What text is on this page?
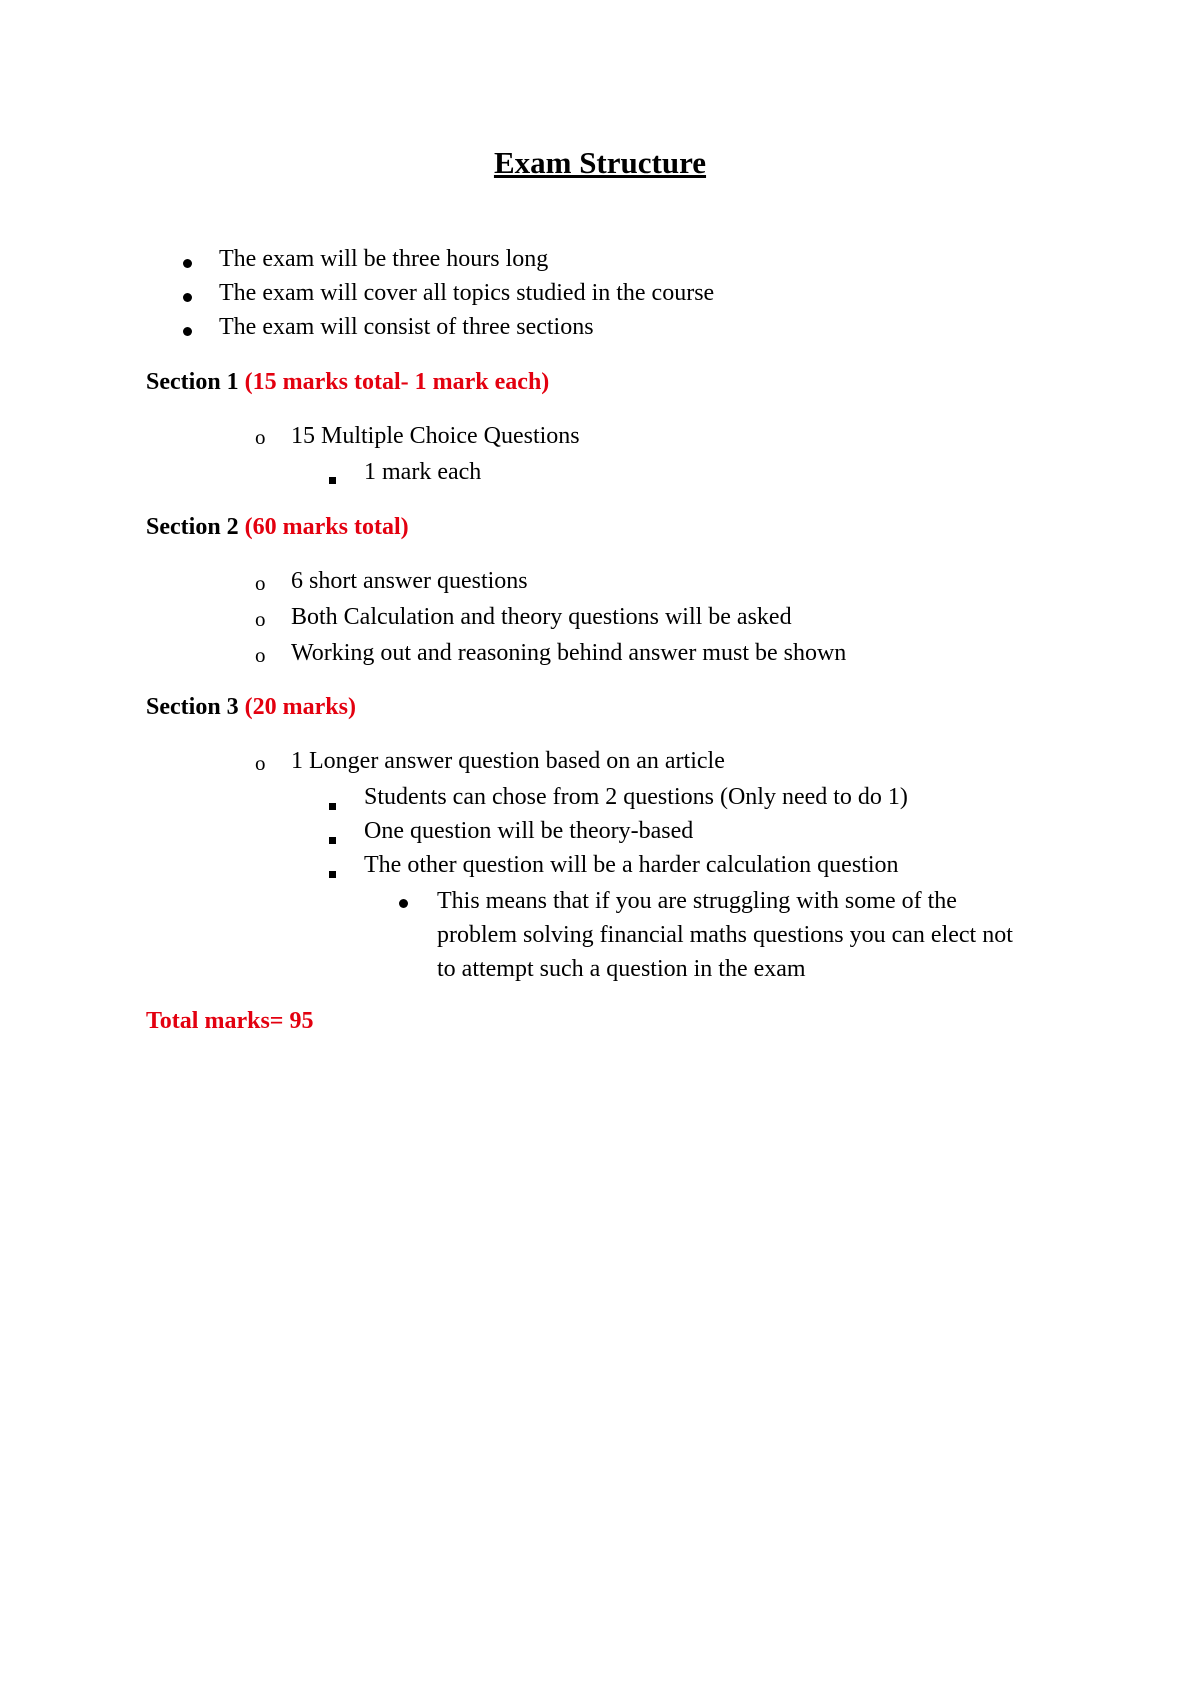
Exam Structure
The exam will be three hours long
The exam will cover all topics studied in the course
The exam will consist of three sections
Section 1 (15 marks total- 1 mark each)
o 15 Multiple Choice Questions
1 mark each
Section 2 (60 marks total)
o 6 short answer questions
o Both Calculation and theory questions will be asked
o Working out and reasoning behind answer must be shown
Section 3 (20 marks)
o 1 Longer answer question based on an article
Students can chose from 2 questions (Only need to do 1)
One question will be theory-based
The other question will be a harder calculation question
This means that if you are struggling with some of the problem solving financial maths questions you can elect not to attempt such a question in the exam
Total marks= 95
